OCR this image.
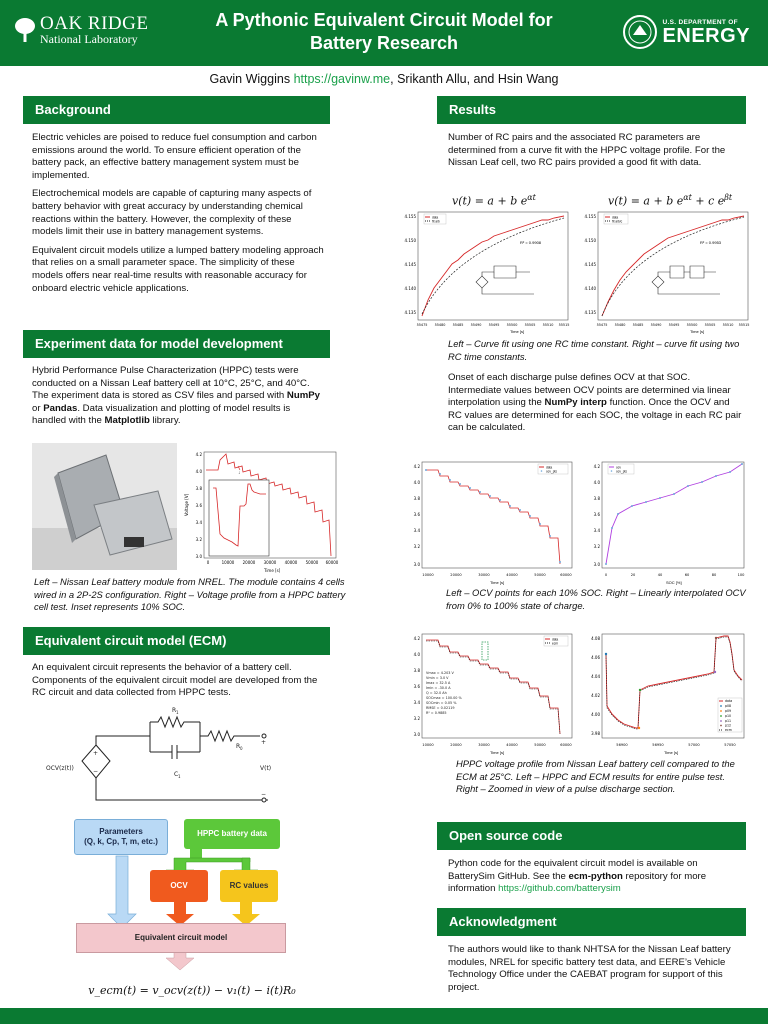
OAK RIDGE
National Laboratory
A Pythonic Equivalent Circuit Model for
Battery Research
U.S. DEPARTMENT OF
ENERGY
Gavin Wiggins https://gavinw.me, Srikanth Allu, and Hsin Wang
Background

Electric vehicles are poised to reduce fuel consumption and carbon emissions around the world. To ensure efficient operation of the battery pack, an effective battery management system must be implemented.

Electrochemical models are capable of capturing many aspects of battery behavior with great accuracy by understanding chemical reactions within the battery. However, the complexity of these models limit their use in battery management systems.

Equivalent circuit models utilize a lumped battery modeling approach that relies on a small parameter space. The simplicity of these models offers near real-time results with reasonable accuracy for onboard electric vehicle applications.

Experiment data for model development

Hybrid Performance Pulse Characterization (HPPC) tests were conducted on a Nissan Leaf battery cell at 10°C, 25°C, and 40°C. The experiment data is stored as CSV files and parsed with NumPy or Pandas. Data visualization and plotting of model results is handled with the Matplotlib library.

Voltage [V]
Time [s]
4.2
4.0
3.8
3.6
3.4
3.2
3.0
0	10000 20000 30000 40000 50000 60000
↓
Left – Nissan Leaf battery module from NREL. The module contains 4 cells wired in a 2P-2S configuration. Right – Voltage profile from a HPPC battery cell test. Inset represents 10% SOC.
Equivalent circuit model (ECM)
An equivalent circuit represents the behavior of a battery cell. Components of the equivalent circuit model are developed from the RC circuit and data collected from HPPC tests.
+
−
OCV(z(t))
R 1
R 0
C 1
V(t)
+
−
Parameters
(Q, k, Cp, T, m, etc.)
HPPC battery data
OCV	RC values
Equivalent circuit model
v_ecm(t) = v_ocv(z(t)) − v₁(t) − i(t)R₀
Results
Number of RC pairs and the associated RC parameters are determined from a curve fit with the HPPC voltage profile. For the Nissan Leaf cell, two RC pairs provided a good fit with data.
v(t) = a + b $e^{\alpha t}$	v(t) = a + b $e^{\alpha t} + c$ $e^{\beta t}$
4.155
4.150
4.145
4.140
4.135
data
fit a/b
R² = 0.9908
Time [s]
55475 55480 55485 55490 55495 55500 55505 55510 55515
4.155
4.150
4.145
4.140
4.135
data
fit a/b/c
R² = 0.9953
Time [s]
55475 55480 55485 55490 55495 55500 55505 55510 55515
Left – Curve fit using one RC time constant. Right – curve fit using two RC time constants.
Onset of each discharge pulse defines OCV at that SOC. Intermediate values between OCV points are determined via linear interpolation using the NumPy interp function. Once the OCV and RC values are determined for each SOC, the voltage in each RC pair can be calculated.
4.2
4.0
3.8
3.6
3.4
3.2
3.0
data
ocv_pts
Time [s]
10000	20000	30000	40000	50000	60000
4.2
4.0
3.8
3.6
3.4
3.2
3.0
ocv
ocv_pts
SOC [%]
0	20	40	60	80	100
Left – OCV points for each 10% SOC. Right – Linearly interpolated OCV from 0% to 100% state of charge.
4.2
4.0
3.8
3.6
3.4
3.2
3.0
data
ecm
Vmax = 4.203 V
Vmin = 3.0 V
Imax = 32.5 A
Imin = -30.0 A
Q = 32.0 Ah
SOCmax = 100.00 %
SOCmin = 0.05 %
RMSE = 0.02119
R² = 0.9885
Time [s]
10000	20000	30000	40000	50000	60000
4.08
4.06
4.04
4.02
4.00
3.98
data
p08
p09
p10
p11
p12
ecm
Time [s]
56900	56950	57000	57050
HPPC voltage profile from Nissan Leaf battery cell compared to the ECM at 25°C. Left – HPPC and ECM results for entire pulse test. Right – Zoomed in view of a pulse discharge section.
Open source code
Python code for the equivalent circuit model is available on BatterySim GitHub. See the ecm-python repository for more information https://github.com/batterysim
Acknowledgment
The authors would like to thank NHTSA for the Nissan Leaf battery modules, NREL for specific battery test data, and EERE’s Vehicle Technology Office under the CAEBAT program for support of this project.
